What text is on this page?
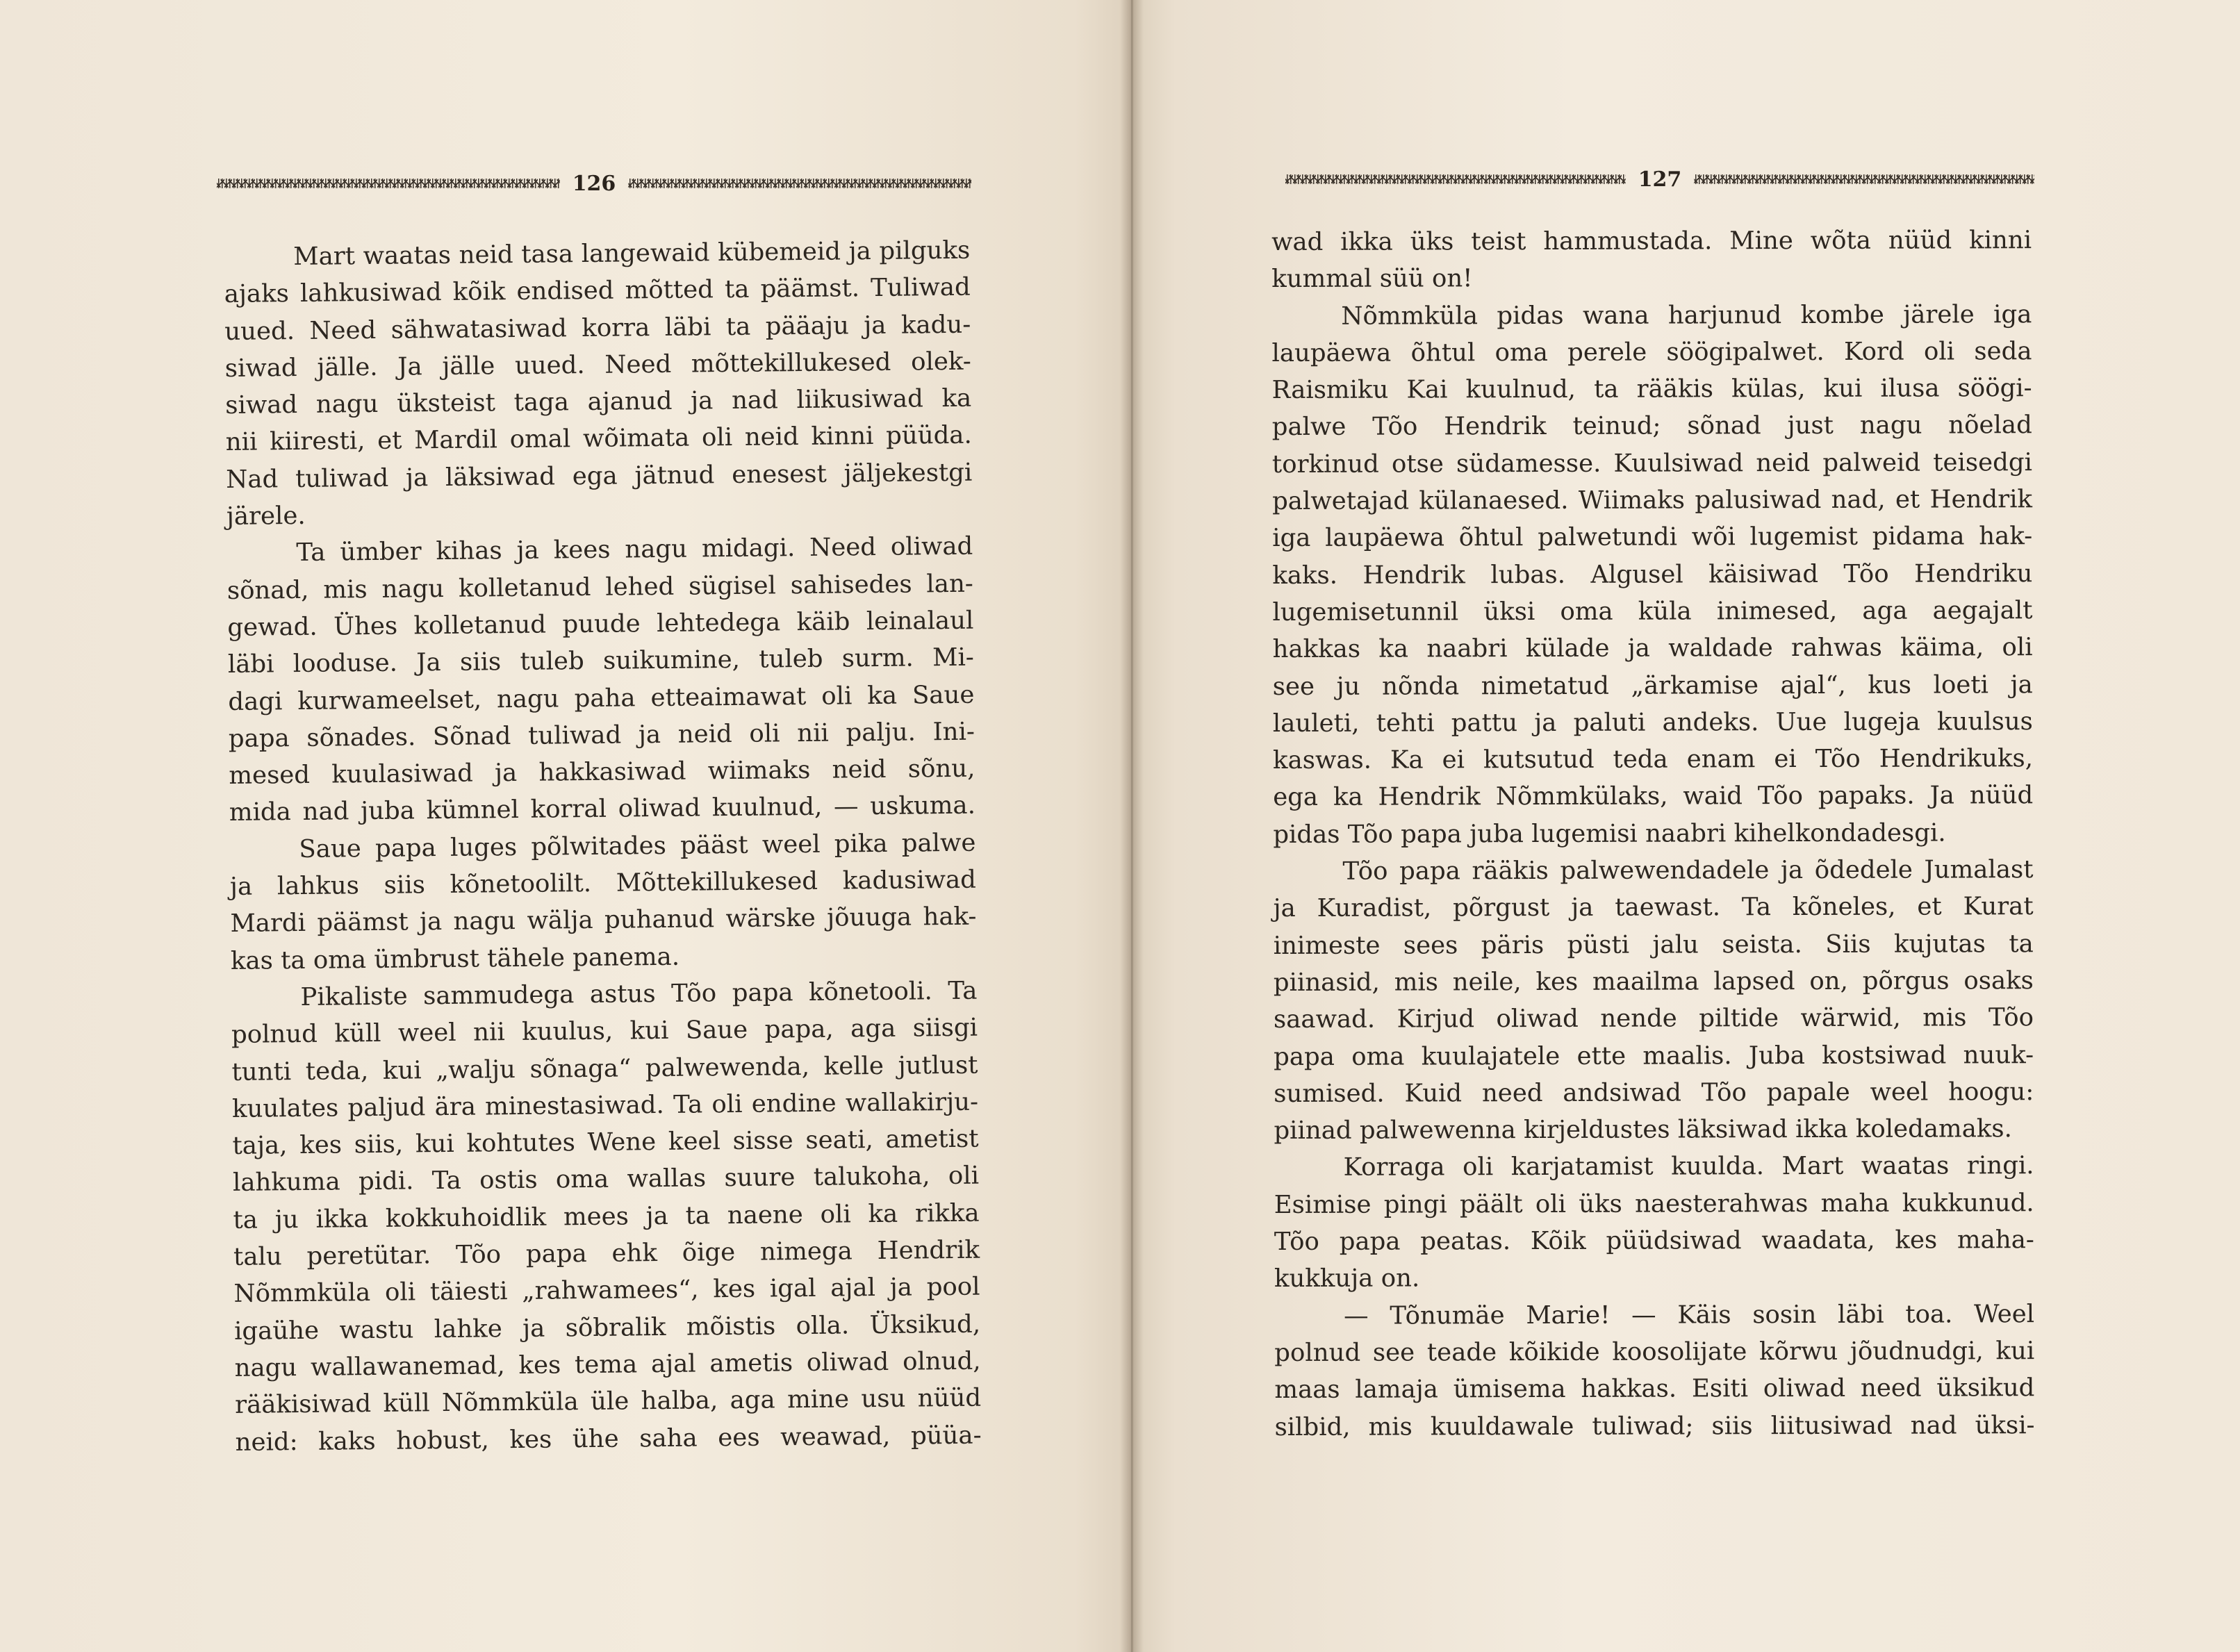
126
Mart waatas neid tasa langewaid kübemeid ja pilguks
ajaks lahkusiwad kõik endised mõtted ta päämst. Tuliwad
uued. Need sähwatasiwad korra läbi ta pääaju ja kadu-
siwad jälle. Ja jälle uued. Need mõttekillukesed olek-
siwad nagu üksteist taga ajanud ja nad liikusiwad ka
nii kiiresti, et Mardil omal wõimata oli neid kinni püüda.
Nad tuliwad ja läksiwad ega jätnud enesest jäljekestgi
järele.
Ta ümber kihas ja kees nagu midagi. Need oliwad
sõnad, mis nagu kolletanud lehed sügisel sahisedes lan-
gewad. Ühes kolletanud puude lehtedega käib leinalaul
läbi looduse. Ja siis tuleb suikumine, tuleb surm. Mi-
dagi kurwameelset, nagu paha etteaimawat oli ka Saue
papa sõnades. Sõnad tuliwad ja neid oli nii palju. Ini-
mesed kuulasiwad ja hakkasiwad wiimaks neid sõnu,
mida nad juba kümnel korral oliwad kuulnud, — uskuma.
Saue papa luges põlwitades pääst weel pika palwe
ja lahkus siis kõnetoolilt. Mõttekillukesed kadusiwad
Mardi päämst ja nagu wälja puhanud wärske jõuuga hak-
kas ta oma ümbrust tähele panema.
Pikaliste sammudega astus Tõo papa kõnetooli. Ta
polnud küll weel nii kuulus, kui Saue papa, aga siisgi
tunti teda, kui „walju sõnaga“ palwewenda, kelle jutlust
kuulates paljud ära minestasiwad. Ta oli endine wallakirju-
taja, kes siis, kui kohtutes Wene keel sisse seati, ametist
lahkuma pidi. Ta ostis oma wallas suure talukoha, oli
ta ju ikka kokkuhoidlik mees ja ta naene oli ka rikka
talu peretütar. Tõo papa ehk õige nimega Hendrik
Nõmmküla oli täiesti „rahwamees“, kes igal ajal ja pool
igaühe wastu lahke ja sõbralik mõistis olla. Üksikud,
nagu wallawanemad, kes tema ajal ametis oliwad olnud,
rääkisiwad küll Nõmmküla üle halba, aga mine usu nüüd
neid: kaks hobust, kes ühe saha ees weawad, püüa-
127
wad ikka üks teist hammustada. Mine wõta nüüd kinni
kummal süü on!
Nõmmküla pidas wana harjunud kombe järele iga
laupäewa õhtul oma perele söögipalwet. Kord oli seda
Raismiku Kai kuulnud, ta rääkis külas, kui ilusa söögi-
palwe Tõo Hendrik teinud; sõnad just nagu nõelad
torkinud otse südamesse. Kuulsiwad neid palweid teisedgi
palwetajad külanaesed. Wiimaks palusiwad nad, et Hendrik
iga laupäewa õhtul palwetundi wõi lugemist pidama hak-
kaks. Hendrik lubas. Algusel käisiwad Tõo Hendriku
lugemisetunnil üksi oma küla inimesed, aga aegajalt
hakkas ka naabri külade ja waldade rahwas käima, oli
see ju nõnda nimetatud „ärkamise ajal“, kus loeti ja
lauleti, tehti pattu ja paluti andeks. Uue lugeja kuulsus
kaswas. Ka ei kutsutud teda enam ei Tõo Hendrikuks,
ega ka Hendrik Nõmmkülaks, waid Tõo papaks. Ja nüüd
pidas Tõo papa juba lugemisi naabri kihelkondadesgi.
Tõo papa rääkis palwewendadele ja õdedele Jumalast
ja Kuradist, põrgust ja taewast. Ta kõneles, et Kurat
inimeste sees päris püsti jalu seista. Siis kujutas ta
piinasid, mis neile, kes maailma lapsed on, põrgus osaks
saawad. Kirjud oliwad nende piltide wärwid, mis Tõo
papa oma kuulajatele ette maalis. Juba kostsiwad nuuk-
sumised. Kuid need andsiwad Tõo papale weel hoogu:
piinad palwewenna kirjeldustes läksiwad ikka koledamaks.
Korraga oli karjatamist kuulda. Mart waatas ringi.
Esimise pingi päält oli üks naesterahwas maha kukkunud.
Tõo papa peatas. Kõik püüdsiwad waadata, kes maha-
kukkuja on.
— Tõnumäe Marie! — Käis sosin läbi toa. Weel
polnud see teade kõikide koosolijate kõrwu jõudnudgi, kui
maas lamaja ümisema hakkas. Esiti oliwad need üksikud
silbid, mis kuuldawale tuliwad; siis liitusiwad nad üksi-
